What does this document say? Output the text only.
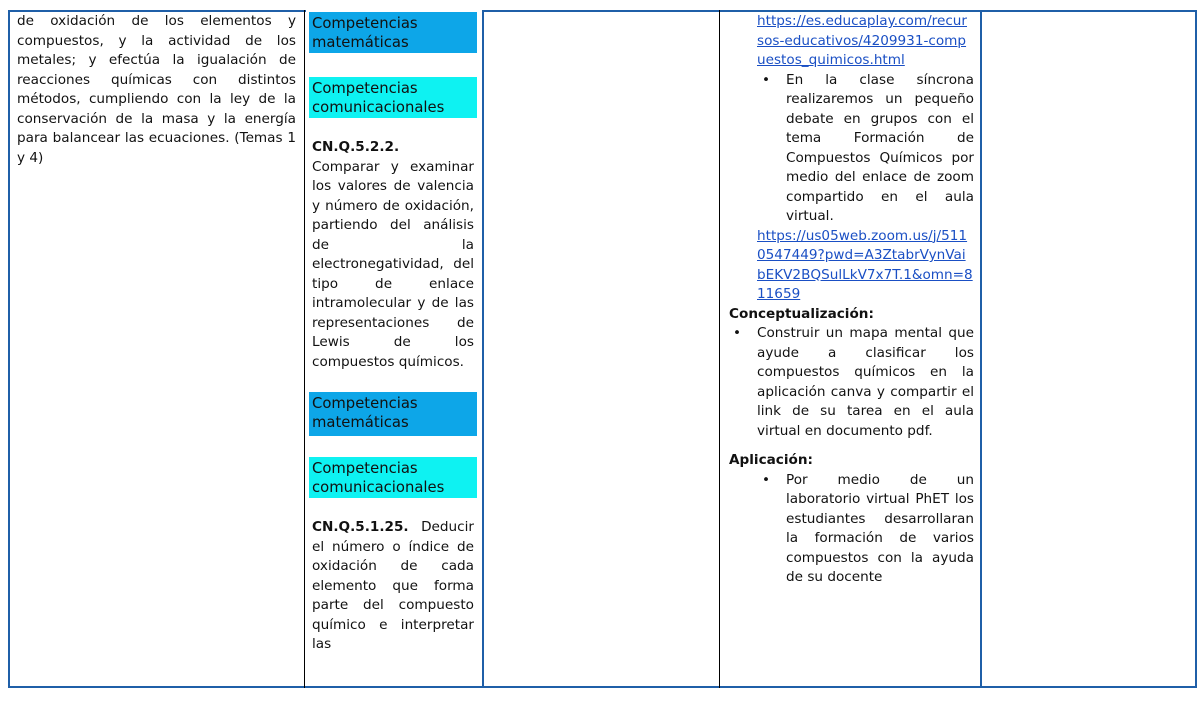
de oxidación de los elementos y compuestos, y la actividad de los metales; y efectúa la igualación de reacciones químicas con distintos métodos, cumpliendo con la ley de la conservación de la masa y la energía para balancear las ecuaciones. (Temas 1 y 4)
Competencias matemáticas
Competencias comunicacionales
CN.Q.5.2.2.
Comparar y examinar los valores de valencia y número de oxidación, partiendo del análisis de la electronegatividad, del tipo de enlace intramolecular y de las representaciones de Lewis de los compuestos químicos.
Competencias matemáticas
Competencias comunicacionales
CN.Q.5.1.25. Deducir el número o índice de oxidación de cada elemento que forma parte del compuesto químico e interpretar las
https://es.educaplay.com/recursos-educativos/4209931-compuestos_quimicos.html
• En la clase síncrona realizaremos un pequeño debate en grupos con el tema Formación de Compuestos Químicos por medio del enlace de zoom compartido en el aula virtual.
https://us05web.zoom.us/j/5110547449?pwd=A3ZtabrVynVaibEKV2BQSulLkV7x7T.1&omn=811659
Conceptualización:
• Construir un mapa mental que ayude a clasificar los compuestos químicos en la aplicación canva y compartir el link de su tarea en el aula virtual en documento pdf.
Aplicación:
• Por medio de un laboratorio virtual PhET los estudiantes desarrollaran la formación de varios compuestos con la ayuda de su docente
